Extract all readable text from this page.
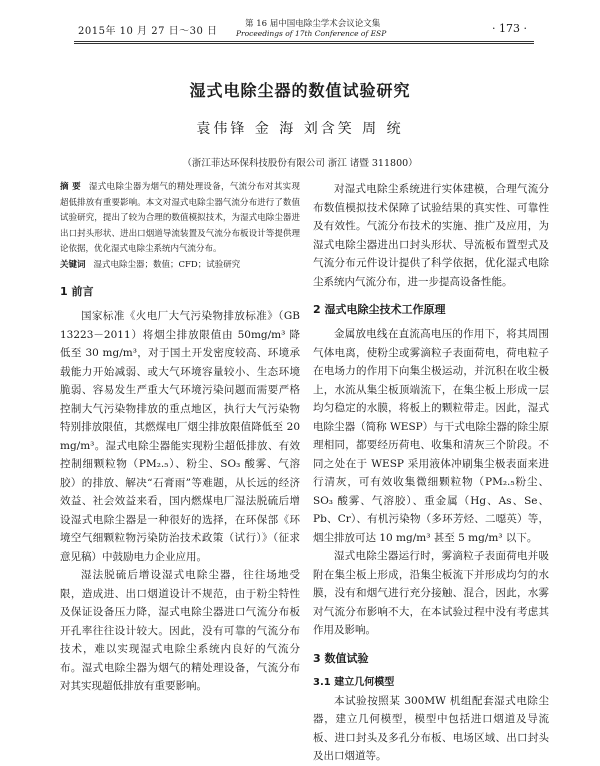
2015年 10 月 27 日～30 日
第 16 届中国电除尘学术会议论文集
Proceedings of 17th Conference of ESP	· 173 ·
湿式电除尘器的数值试验研究
袁伟锋 金 海 刘含笑 周 统
（浙江菲达环保科技股份有限公司 浙江 诸暨 311800）
摘 要 湿式电除尘器为烟气的精处理设备，气流分布对其实现超低排放有重要影响。本文对湿式电除尘器气流分布进行了数值试验研究，提出了较为合理的数值模拟技术，为湿式电除尘器进出口封头形状、进出口烟道导流装置及气流分布板设计等提供理论依据，优化湿式电除尘系统内气流分布。
关键词 湿式电除尘器；数值；CFD；试验研究
1 前言

国家标准《火电厂大气污染物排放标准》（GB 13223－2011）将烟尘排放限值由 50mg/m³ 降低至 30 mg/m³，对于国土开发密度较高、环境承载能力开始减弱、或大气环境容量较小、生态环境脆弱、容易发生严重大气环境污染问题而需要严格控制大气污染物排放的重点地区，执行大气污染物特别排放限值，其燃煤电厂烟尘排放限值降低至 20 mg/m³。湿式电除尘器能实现粉尘超低排放、有效控制细颗粒物（PM₂.₅）、粉尘、SO₃ 酸雾、气溶胶）的排放、解决“石膏雨”等难题，从长远的经济效益、社会效益来看，国内燃煤电厂湿法脱硫后增设湿式电除尘器是一种很好的选择，在环保部《环境空气细颗粒物污染防治技术政策（试行）》（征求意见稿）中鼓励电力企业应用。

湿法脱硫后增设湿式电除尘器，往往场地受限，造成进、出口烟道设计不规范，由于粉尘特性及保证设备压力降，湿式电除尘器进口气流分布板开孔率往往设计较大。因此，没有可靠的气流分布技术，难以实现湿式电除尘系统内良好的气流分布。湿式电除尘器为烟气的精处理设备，气流分布对其实现超低排放有重要影响。

对湿式电除尘系统进行实体建模，合理气流分布数值模拟技术保障了试验结果的真实性、可靠性及有效性。气流分布技术的实施、推广及应用，为湿式电除尘器进出口封头形状、导流板布置型式及气流分布元件设计提供了科学依据，优化湿式电除尘系统内气流分布，进一步提高设备性能。

2 湿式电除尘技术工作原理

金属放电线在直流高电压的作用下，将其周围气体电离，使粉尘或雾滴粒子表面荷电，荷电粒子在电场力的作用下向集尘极运动，并沉积在收尘极上，水流从集尘板顶端流下，在集尘板上形成一层均匀稳定的水膜，将板上的颗粒带走。因此，湿式电除尘器（简称 WESP）与干式电除尘器的除尘原理相同，都要经历荷电、收集和清灰三个阶段。不同之处在于 WESP 采用液体冲刷集尘极表面来进行清灰，可有效收集微细颗粒物（PM₂.₅粉尘、SO₃ 酸雾、气溶胶）、重金属（Hg、As、Se、Pb、Cr）、有机污染物（多环芳烃、二噁英）等，烟尘排放可达 10 mg/m³ 甚至 5 mg/m³ 以下。

湿式电除尘器运行时，雾滴粒子表面荷电并吸附在集尘板上形成，沿集尘板流下并形成均匀的水膜，没有和烟气进行充分接触、混合，因此，水雾对气流分布影响不大，在本试验过程中没有考虑其作用及影响。

3 数值试验
3.1 建立几何模型

本试验按照某 300MW 机组配套湿式电除尘器，建立几何模型，模型中包括进口烟道及导流板、进口封头及多孔分布板、电场区域、出口封头及出口烟道等。
